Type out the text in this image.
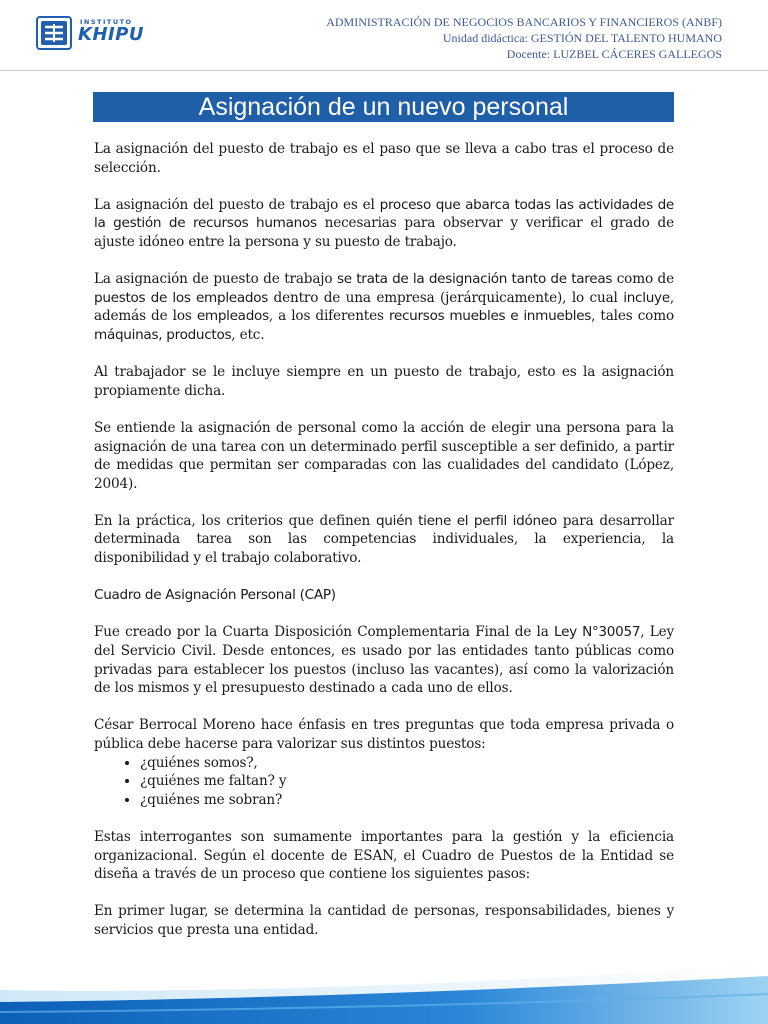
INSTITUTO
KHIPU
ADMINISTRACIÓN DE NEGOCIOS BANCARIOS Y FINANCIEROS (ANBF)
Unidad didáctica: GESTIÓN DEL TALENTO HUMANO
Docente: LUZBEL CÁCERES GALLEGOS
Asignación de un nuevo personal

La asignación del puesto de trabajo es el paso que se lleva a cabo tras el proceso de selección.

La asignación del puesto de trabajo es el proceso que abarca todas las actividades de la gestión de recursos humanos necesarias para observar y verificar el grado de ajuste idóneo entre la persona y su puesto de trabajo.

La asignación de puesto de trabajo se trata de la designación tanto de tareas como de puestos de los empleados dentro de una empresa (jerárquicamente), lo cual incluye, además de los empleados, a los diferentes recursos muebles e inmuebles, tales como máquinas, productos, etc.

Al trabajador se le incluye siempre en un puesto de trabajo, esto es la asignación propiamente dicha.

Se entiende la asignación de personal como la acción de elegir una persona para la asignación de una tarea con un determinado perfil susceptible a ser definido, a partir de medidas que permitan ser comparadas con las cualidades del candidato (López, 2004).

En la práctica, los criterios que definen quién tiene el perfil idóneo para desarrollar determinada tarea son las competencias individuales, la experiencia, la disponibilidad y el trabajo colaborativo.

Cuadro de Asignación Personal (CAP)

Fue creado por la Cuarta Disposición Complementaria Final de la Ley N°30057, Ley del Servicio Civil. Desde entonces, es usado por las entidades tanto públicas como privadas para establecer los puestos (incluso las vacantes), así como la valorización de los mismos y el presupuesto destinado a cada uno de ellos.

César Berrocal Moreno hace énfasis en tres preguntas que toda empresa privada o pública debe hacerse para valorizar sus distintos puestos:

• ¿quiénes somos?,
• ¿quiénes me faltan? y
• ¿quiénes me sobran?

Estas interrogantes son sumamente importantes para la gestión y la eficiencia organizacional. Según el docente de ESAN, el Cuadro de Puestos de la Entidad se diseña a través de un proceso que contiene los siguientes pasos:

En primer lugar, se determina la cantidad de personas, responsabilidades, bienes y servicios que presta una entidad.
